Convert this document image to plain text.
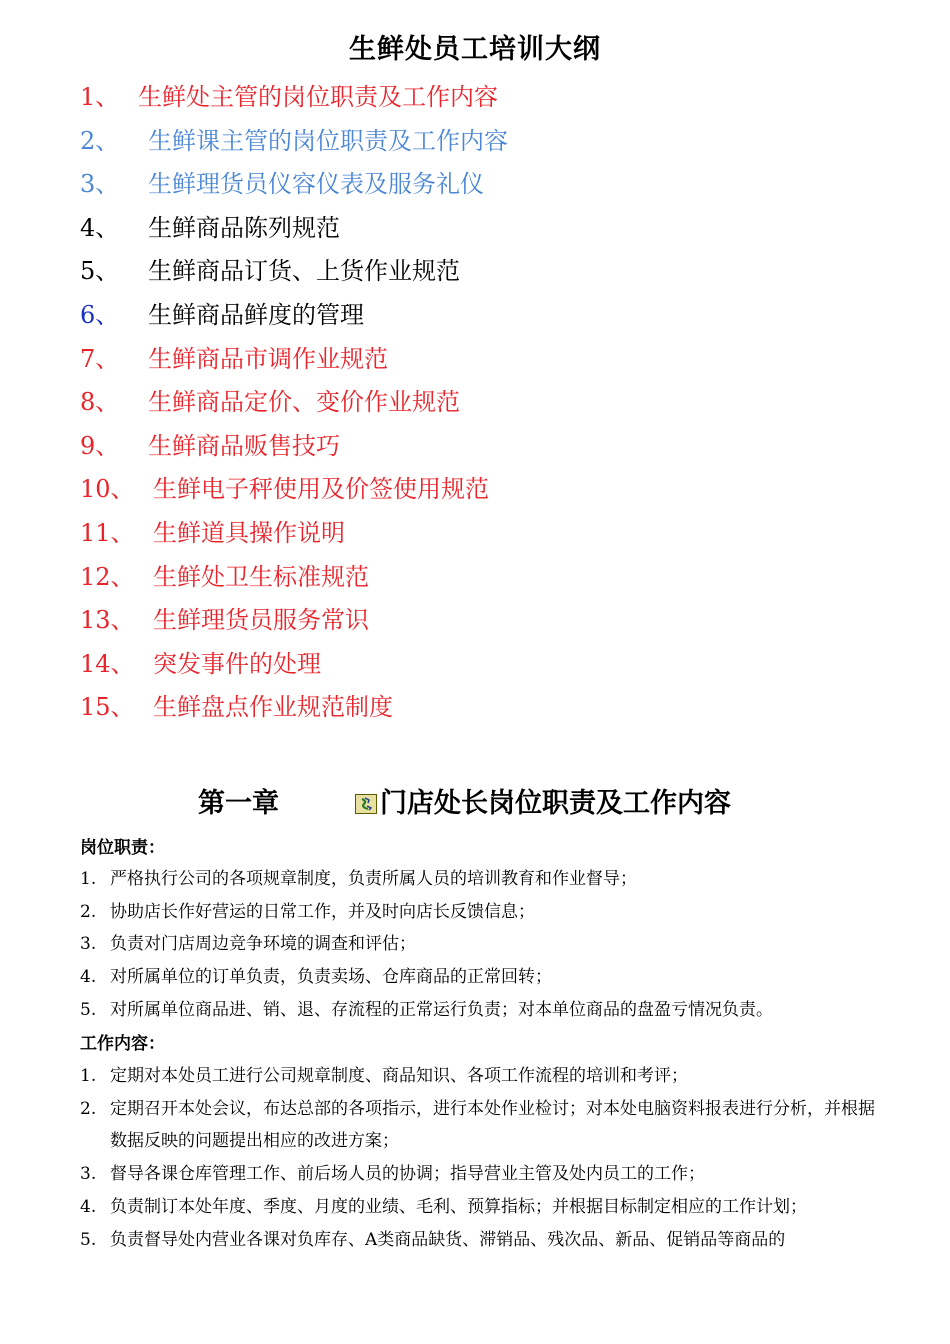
生鲜处员工培训大纲
1、 生鲜处主管的岗位职责及工作内容
2、	生鲜课主管的岗位职责及工作内容
3、	生鲜理货员仪容仪表及服务礼仪
4、	生鲜商品陈列规范
5、	生鲜商品订货、上货作业规范
6、	生鲜商品鲜度的管理
7、	生鲜商品市调作业规范
8、	生鲜商品定价、变价作业规范
9、	生鲜商品贩售技巧
10、 生鲜电子秤使用及价签使用规范
11、 生鲜道具操作说明
12、 生鲜处卫生标准规范
13、 生鲜理货员服务常识
14、 突发事件的处理
15、 生鲜盘点作业规范制度
第一章	门店处长岗位职责及工作内容
岗位职责：
1. 严格执行公司的各项规章制度，负责所属人员的培训教育和作业督导；
2. 协助店长作好营运的日常工作，并及时向店长反馈信息；
3. 负责对门店周边竞争环境的调查和评估；
4. 对所属单位的订单负责，负责卖场、仓库商品的正常回转；
5. 对所属单位商品进、销、退、存流程的正常运行负责；对本单位商品的盘盈亏情况负责。
工作内容：
1. 定期对本处员工进行公司规章制度、商品知识、各项工作流程的培训和考评；
2. 定期召开本处会议，布达总部的各项指示，进行本处作业检讨；对本处电脑资料报表进行分析，并根据数据反映的问题提出相应的改进方案；
3. 督导各课仓库管理工作、前后场人员的协调；指导营业主管及处内员工的工作；
4. 负责制订本处年度、季度、月度的业绩、毛利、预算指标；并根据目标制定相应的工作计划；
5. 负责督导处内营业各课对负库存、A类商品缺货、滞销品、残次品、新品、促销品等商品的
